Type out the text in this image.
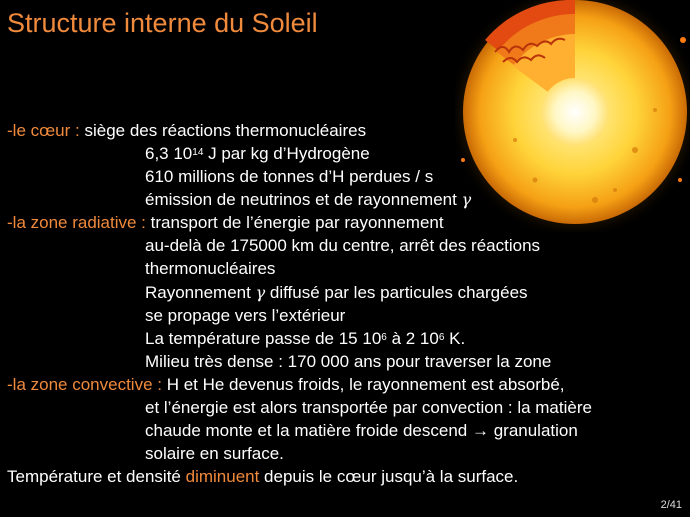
Structure interne du Soleil
-le cœur : siège des réactions thermonucléaires
6,3 $10^{14}$ J par kg d’Hydrogène
610 millions de tonnes d’H perdues / s
émission de neutrinos et de rayonnement γ
-la zone radiative : transport de l’énergie par rayonnement
au-delà de 175000 km du centre, arrêt des réactions
thermonucléaires
Rayonnement γ diffusé par les particules chargées
se propage vers l’extérieur
La température passe de 15 $10^6$ à 2 $10^6$ K.
Milieu très dense : 170 000 ans pour traverser la zone
-la zone convective : H et He devenus froids, le rayonnement est absorbé,
et l’énergie est alors transportée par convection : la matière
chaude monte et la matière froide descend → granulation
solaire en surface.
Température et densité diminuent depuis le cœur jusqu’à la surface.
2/41
